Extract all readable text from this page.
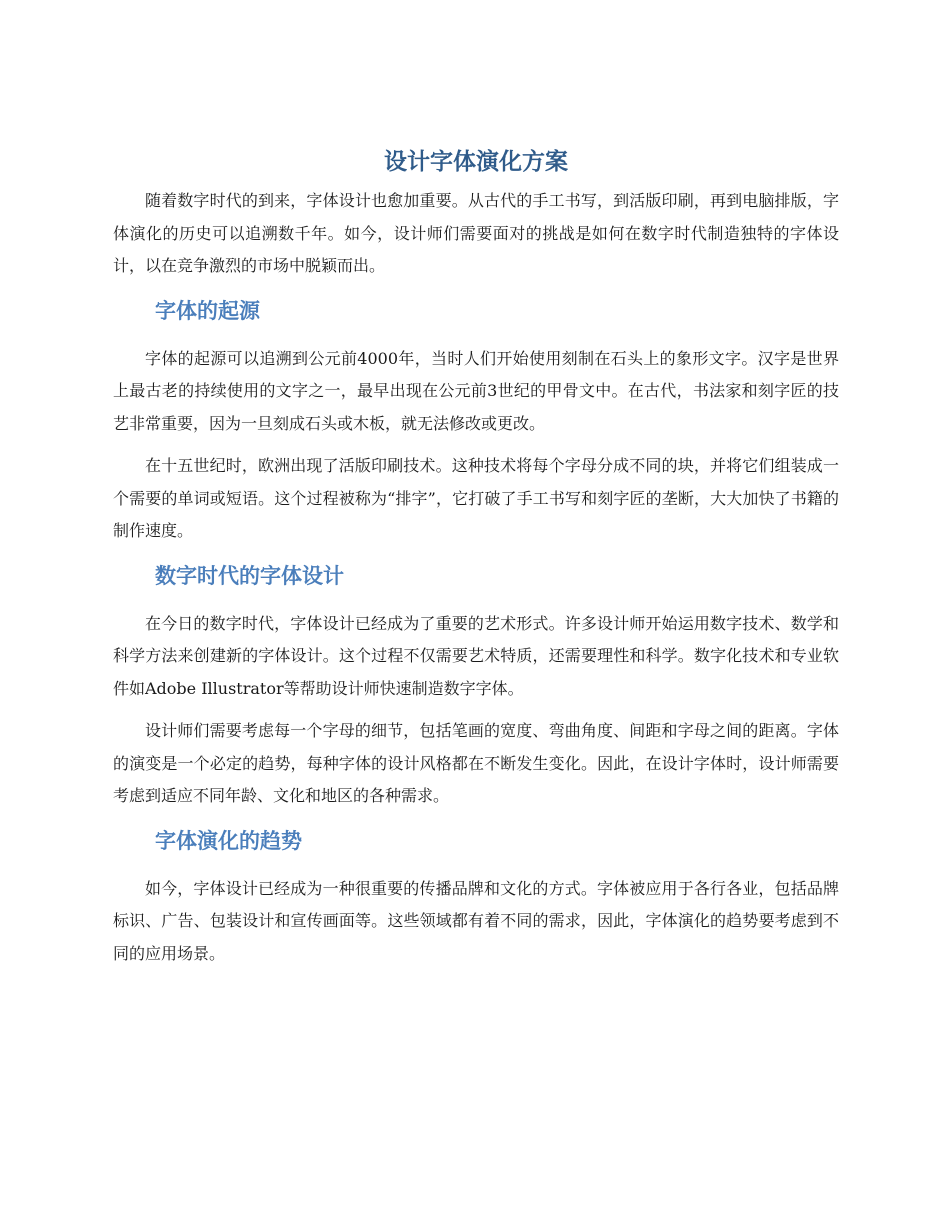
设计字体演化方案

随着数字时代的到来，字体设计也愈加重要。从古代的手工书写，到活版印刷，再到电脑排版，字体演化的历史可以追溯数千年。如今，设计师们需要面对的挑战是如何在数字时代制造独特的字体设计，以在竞争激烈的市场中脱颖而出。

字体的起源

字体的起源可以追溯到公元前4000年，当时人们开始使用刻制在石头上的象形文字。汉字是世界上最古老的持续使用的文字之一，最早出现在公元前3世纪的甲骨文中。在古代，书法家和刻字匠的技艺非常重要，因为一旦刻成石头或木板，就无法修改或更改。

在十五世纪时，欧洲出现了活版印刷技术。这种技术将每个字母分成不同的块，并将它们组装成一个需要的单词或短语。这个过程被称为“排字”，它打破了手工书写和刻字匠的垄断，大大加快了书籍的制作速度。

数字时代的字体设计

在今日的数字时代，字体设计已经成为了重要的艺术形式。许多设计师开始运用数字技术、数学和科学方法来创建新的字体设计。这个过程不仅需要艺术特质，还需要理性和科学。数字化技术和专业软件如Adobe Illustrator等帮助设计师快速制造数字字体。

设计师们需要考虑每一个字母的细节，包括笔画的宽度、弯曲角度、间距和字母之间的距离。字体的演变是一个必定的趋势，每种字体的设计风格都在不断发生变化。因此，在设计字体时，设计师需要考虑到适应不同年龄、文化和地区的各种需求。

字体演化的趋势

如今，字体设计已经成为一种很重要的传播品牌和文化的方式。字体被应用于各行各业，包括品牌标识、广告、包装设计和宣传画面等。这些领域都有着不同的需求，因此，字体演化的趋势要考虑到不同的应用场景。
